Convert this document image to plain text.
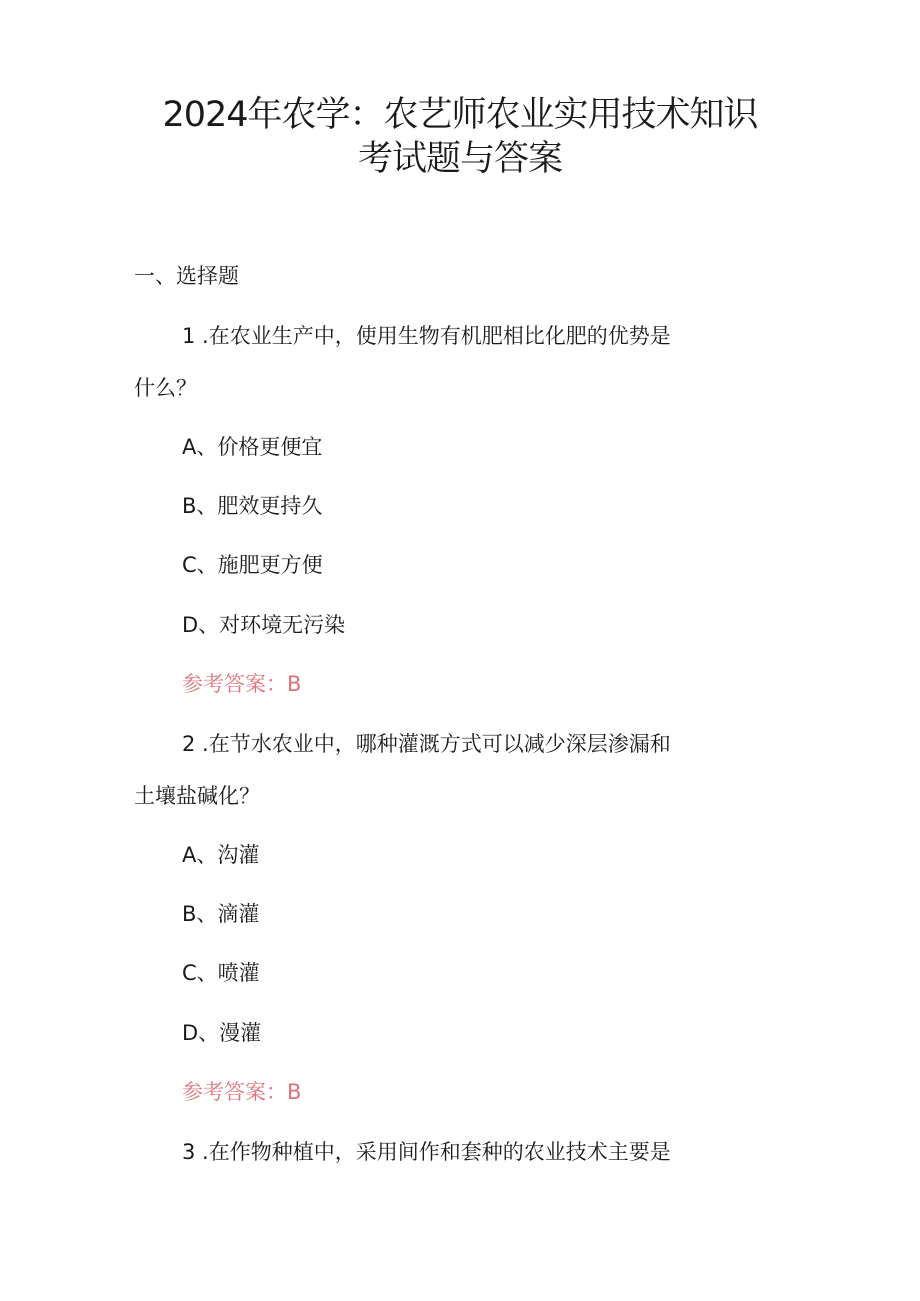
2024年农学：农艺师农业实用技术知识
考试题与答案

一、选择题

1 .在农业生产中，使用生物有机肥相比化肥的优势是

什么？

A、价格更便宜

B、肥效更持久

C、施肥更方便

D、对环境无污染

参考答案：B

2 .在节水农业中，哪种灌溉方式可以减少深层渗漏和

土壤盐碱化？

A、沟灌

B、滴灌

C、喷灌

D、漫灌

参考答案：B

3 .在作物种植中，采用间作和套种的农业技术主要是
